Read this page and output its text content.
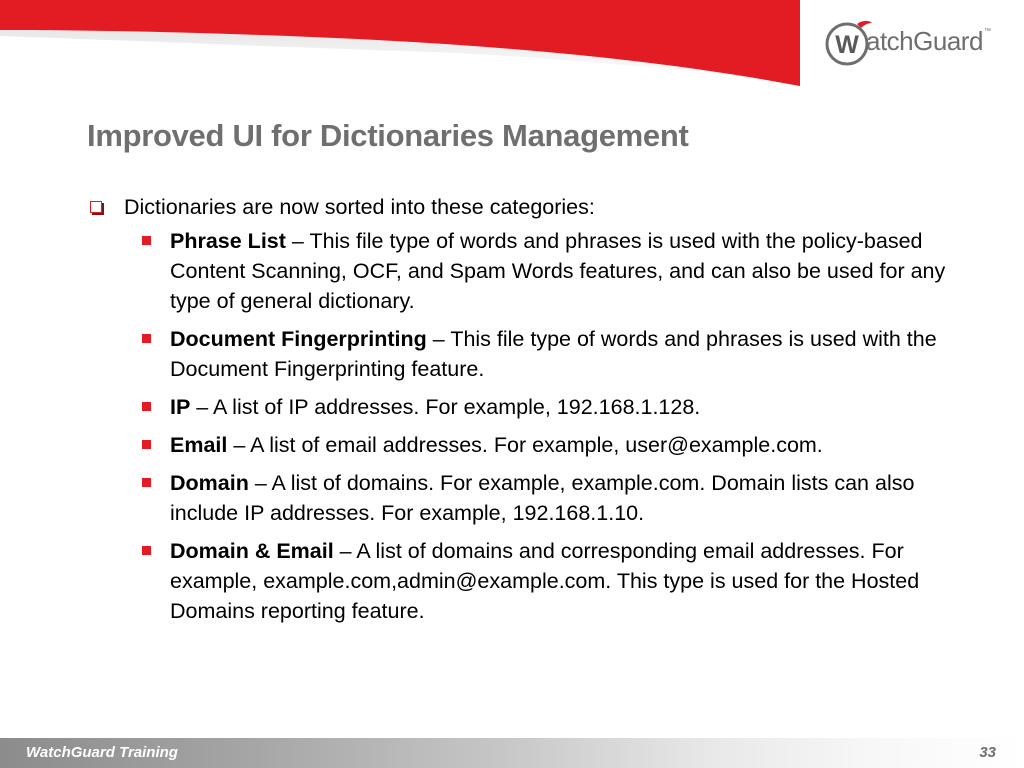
W atchGuard™
Improved UI for Dictionaries Management
Dictionaries are now sorted into these categories:
Phrase List – This file type of words and phrases is used with the policy-based Content Scanning, OCF, and Spam Words features, and can also be used for any type of general dictionary.
Document Fingerprinting – This file type of words and phrases is used with the Document Fingerprinting feature.
IP – A list of IP addresses. For example, 192.168.1.128.
Email – A list of email addresses. For example, user@example.com.
Domain – A list of domains. For example, example.com. Domain lists can also include IP addresses. For example, 192.168.1.10.
Domain & Email – A list of domains and corresponding email addresses. For example, example.com,admin@example.com. This type is used for the Hosted Domains reporting feature.
WatchGuard Training	33
